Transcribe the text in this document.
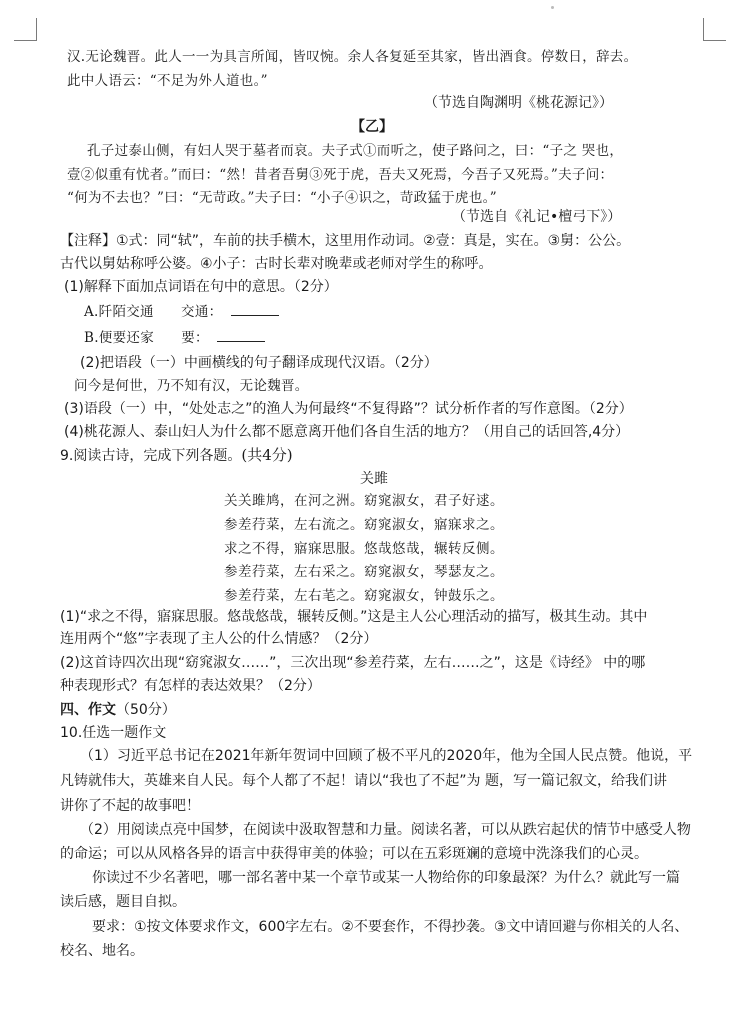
汉.无论魏晋。此人一一为具言所闻，皆叹惋。余人各复延至其家，皆出酒食。停数日，辞去。
此中人语云：“不足为外人道也。”
（节选自陶渊明《桃花源记》）
【乙】
孔子过泰山侧，有妇人哭于墓者而哀。夫子式①而听之，使子路问之，曰：“子之 哭也，
壹②似重有忧者。”而曰：“然！昔者吾舅③死于虎，吾夫又死焉，今吾子又死焉。”夫子问：
“何为不去也？”曰：“无苛政。”夫子曰：“小子④识之，苛政猛于虎也。”
（节选自《礼记•檀弓下》）
【注释】①式：同“轼”，车前的扶手横木，这里用作动词。②壹：真是，实在。③舅：公公。
古代以舅姑称呼公婆。④小子：古时长辈对晚辈或老师对学生的称呼。
(1)解释下面加点词语在句中的意思。（2分）
A.阡陌交通 交通：
B.便要还家 要：
(2)把语段（一）中画横线的句子翻译成现代汉语。（2分）
问今是何世，乃不知有汉，无论魏晋。
(3)语段（一）中，“处处志之”的渔人为何最终“不复得路”？试分析作者的写作意图。（2分）
(4)桃花源人、泰山妇人为什么都不愿意离开他们各自生活的地方？（用自己的话回答,4分）
9.阅读古诗，完成下列各题。(共4分)
关雎
关关雎鸠，在河之洲。窈窕淑女，君子好逑。
参差荇菜，左右流之。窈窕淑女，寤寐求之。
求之不得，寤寐思服。悠哉悠哉，辗转反侧。
参差荇菜，左右采之。窈窕淑女，琴瑟友之。
参差荇菜，左右芼之。窈窕淑女，钟鼓乐之。
(1)“求之不得，寤寐思服。悠哉悠哉，辗转反侧。”这是主人公心理活动的描写，极其生动。其中
连用两个“悠”字表现了主人公的什么情感？（2分）
(2)这首诗四次出现“窈窕淑女……”，三次出现“参差荇菜，左右……之”，这是《诗经》 中的哪
种表现形式？有怎样的表达效果？（2分）
四、作文（50分）
10.任选一题作文
（1）习近平总书记在2021年新年贺词中回顾了极不平凡的2020年，他为全国人民点赞。他说，平
凡铸就伟大，英雄来自人民。每个人都了不起！请以“我也了不起”为 题，写一篇记叙文，给我们讲
讲你了不起的故事吧！
（2）用阅读点亮中国梦，在阅读中汲取智慧和力量。阅读名著，可以从跌宕起伏的情节中感受人物
的命运；可以从风格各异的语言中获得审美的体验；可以在五彩斑斓的意境中洗涤我们的心灵。
你读过不少名著吧，哪一部名著中某一个章节或某一人物给你的印象最深？为什么？就此写一篇
读后感，题目自拟。
要求：①按文体要求作文，600字左右。②不要套作，不得抄袭。③文中请回避与你相关的人名、
校名、地名。
